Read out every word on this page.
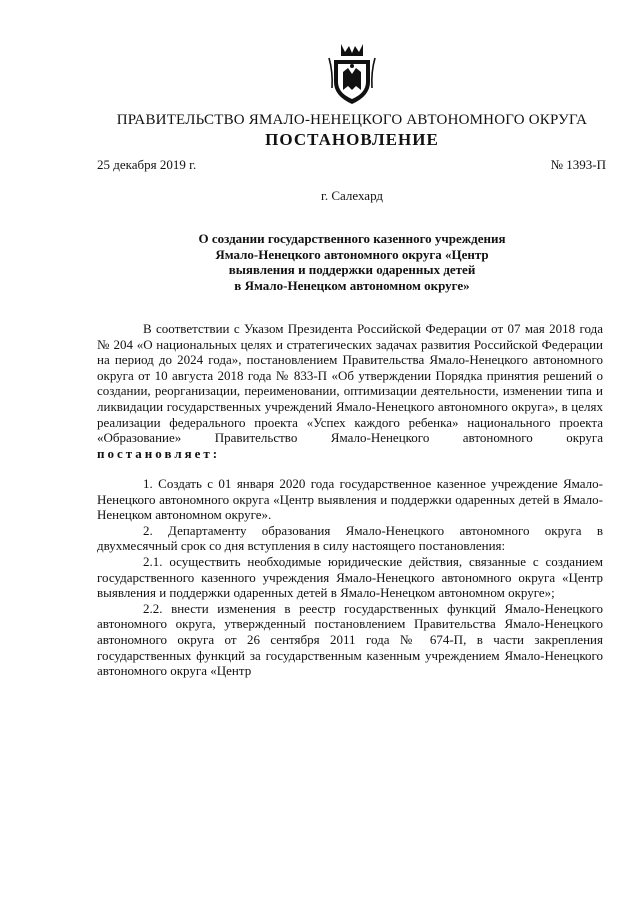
ПРАВИТЕЛЬСТВО ЯМАЛО-НЕНЕЦКОГО АВТОНОМНОГО ОКРУГА
ПОСТАНОВЛЕНИЕ
25 декабря 2019 г.	№ 1393-П
г. Салехард
О создании государственного казенного учреждения
Ямало-Ненецкого автономного округа «Центр
выявления и поддержки одаренных детей
в Ямало-Ненецком автономном округе»

В соответствии с Указом Президента Российской Федерации от 07 мая 2018 года № 204 «О национальных целях и стратегических задачах развития Российской Федерации на период до 2024 года», постановлением Правительства Ямало-Ненецкого автономного округа от 10 августа 2018 года № 833-П «Об утверждении Порядка принятия решений о создании, реорганизации, переименовании, оптимизации деятельности, изменении типа и ликвидации государственных учреждений Ямало-Ненецкого автономного округа», в целях реализации федерального проекта «Успех каждого ребенка» национального проекта «Образование» Правительство Ямало-Ненецкого автономного округа постановляет:

1. Создать с 01 января 2020 года государственное казенное учреждение Ямало-Ненецкого автономного округа «Центр выявления и поддержки одаренных детей в Ямало-Ненецком автономном округе».

2. Департаменту образования Ямало-Ненецкого автономного округа в двухмесячный срок со дня вступления в силу настоящего постановления:

2.1. осуществить необходимые юридические действия, связанные с созданием государственного казенного учреждения Ямало-Ненецкого автономного округа «Центр выявления и поддержки одаренных детей в Ямало-Ненецком автономном округе»;

2.2. внести изменения в реестр государственных функций Ямало-Ненецкого автономного округа, утвержденный постановлением Правительства Ямало-Ненецкого автономного округа от 26 сентября 2011 года № 674-П, в части закрепления государственных функций за государственным казенным учреждением Ямало-Ненецкого автономного округа «Центр
